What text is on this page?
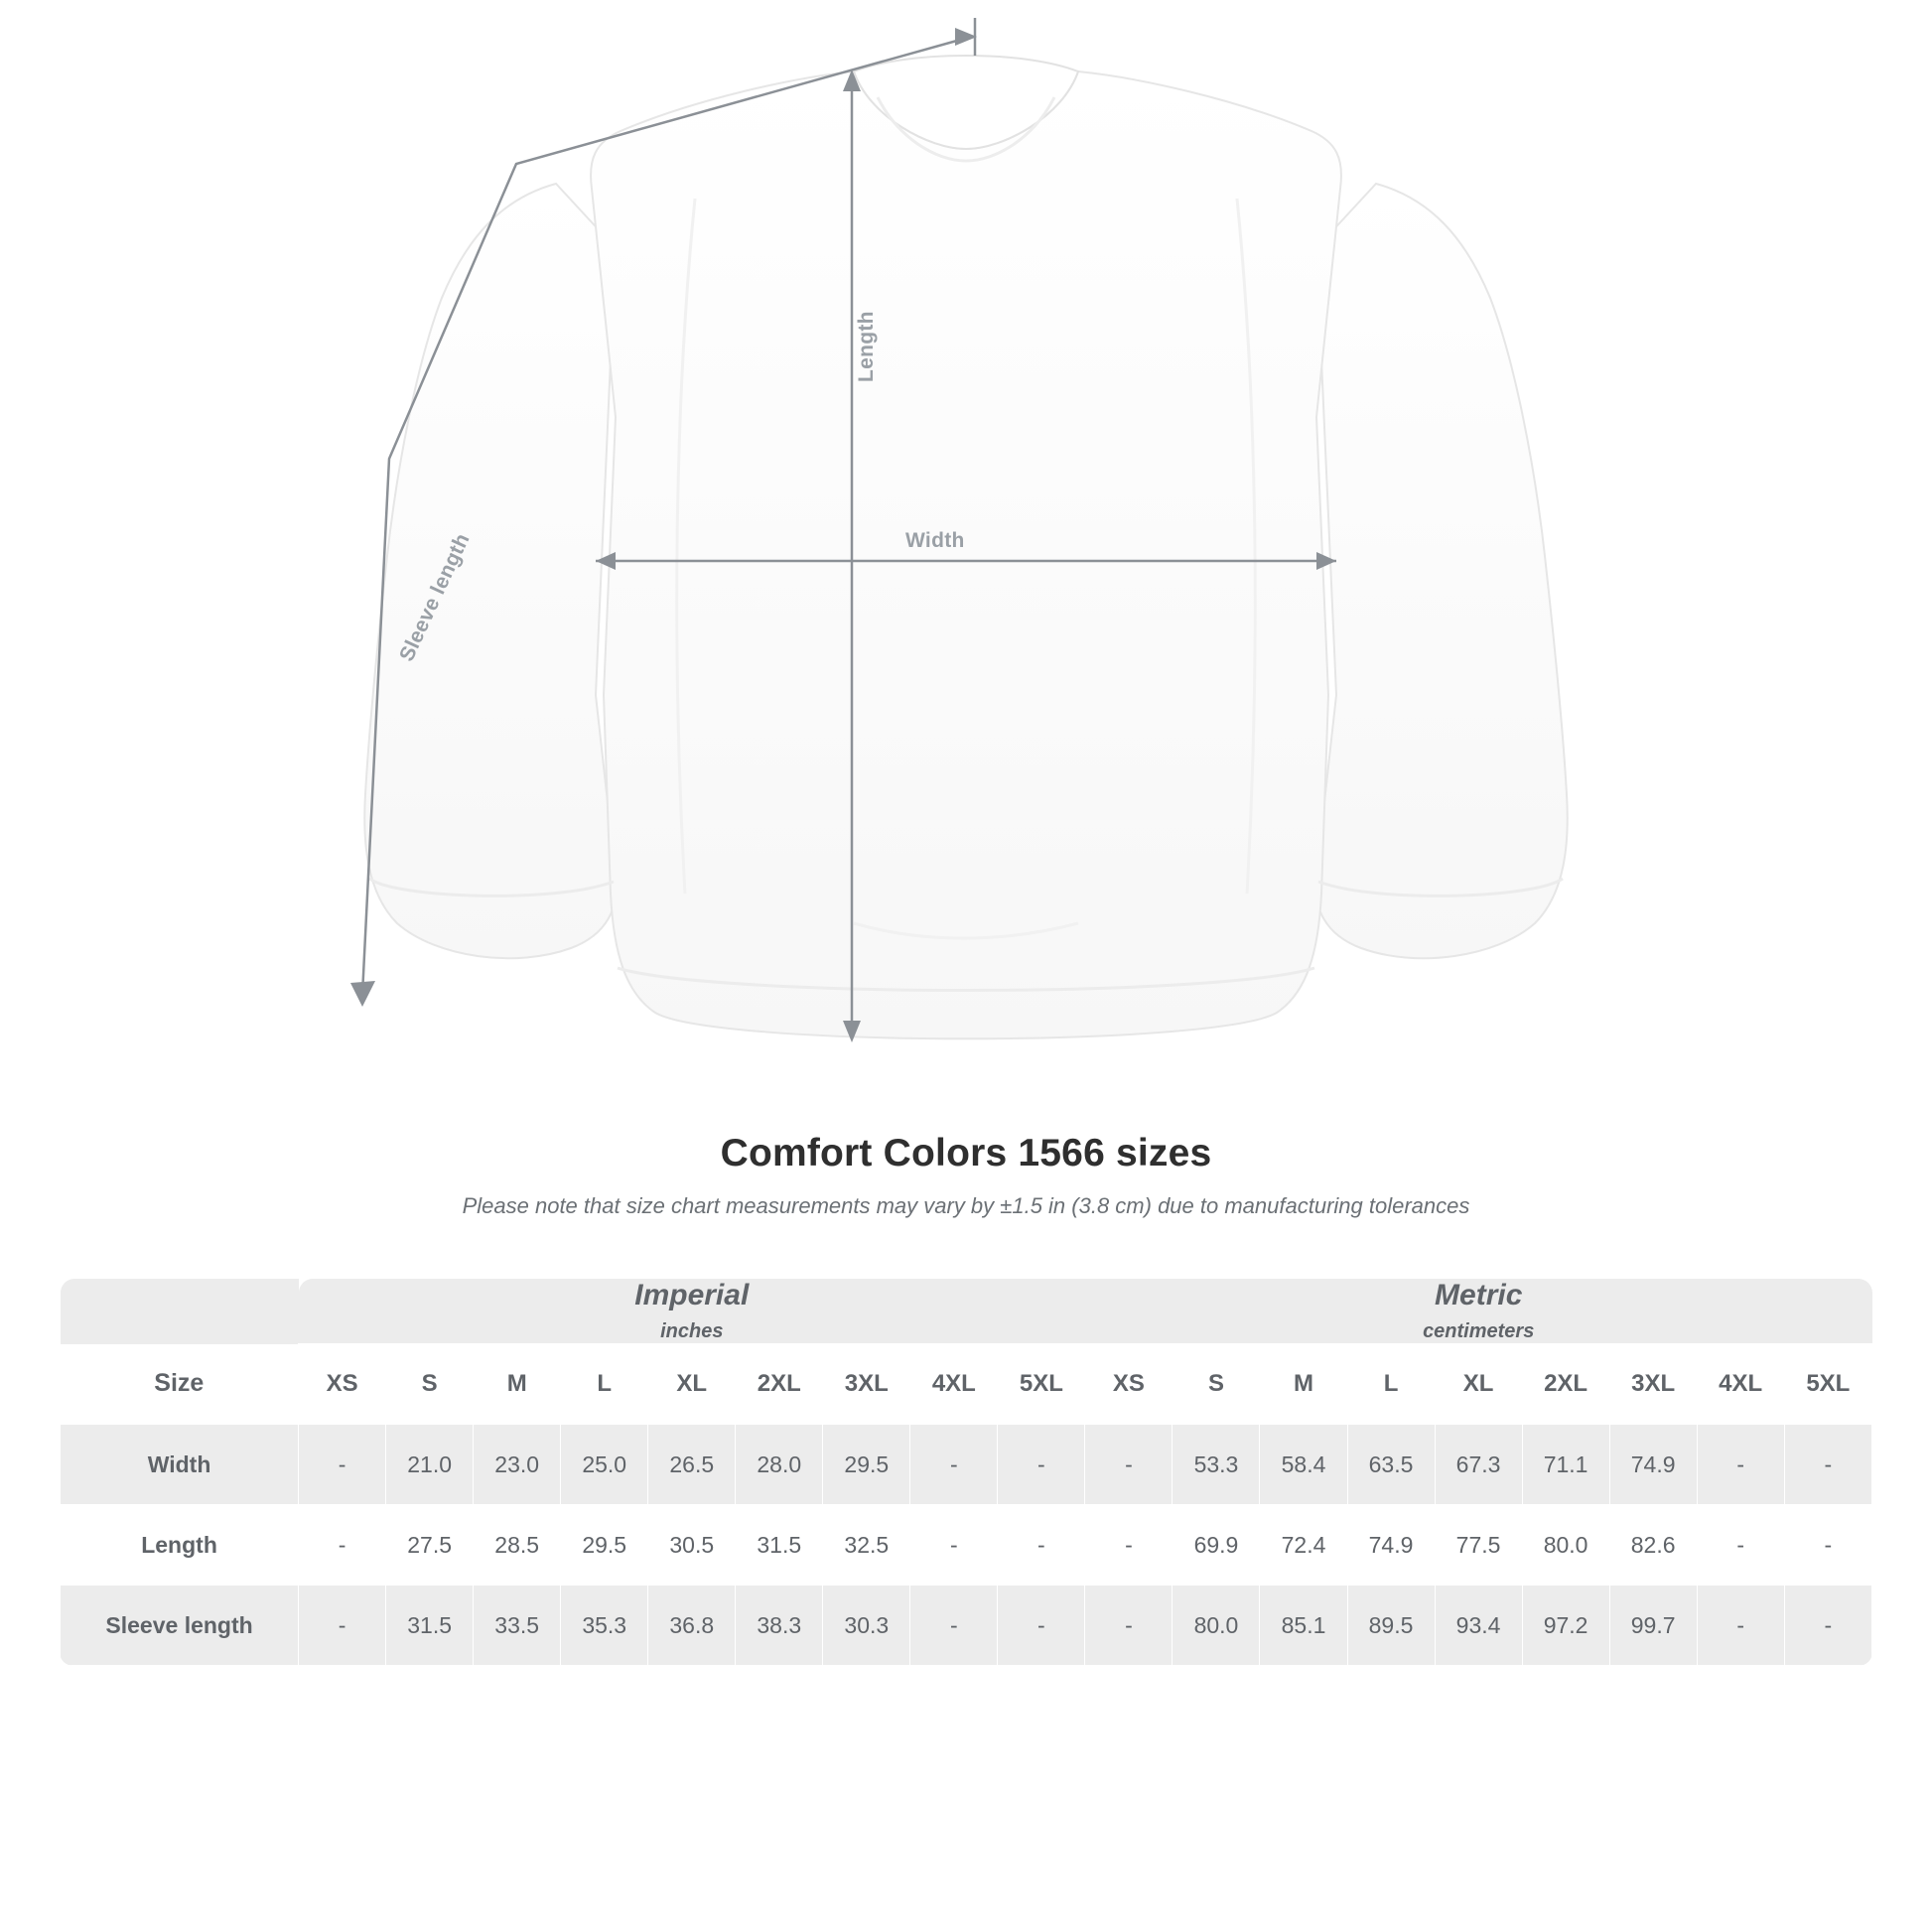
Width
Length
Sleeve length
Comfort Colors 1566 sizes

Please note that size chart measurements may vary by ±1.5 in (3.8 cm) due to manufacturing tolerances

Imperial
inches

Metric
centimeters

Size	XS	S	M	L	XL	2XL	3XL	4XL	5XL	XS	S	M	L	XL	2XL	3XL	4XL	5XL
Width	-	21.0	23.0	25.0	26.5	28.0	29.5	-	-	-	53.3	58.4	63.5	67.3	71.1	74.9	-	-
Length	-	27.5	28.5	29.5	30.5	31.5	32.5	-	-	-	69.9	72.4	74.9	77.5	80.0	82.6	-	-
Sleeve length	-	31.5	33.5	35.3	36.8	38.3	30.3	-	-	-	80.0	85.1	89.5	93.4	97.2	99.7	-	-
